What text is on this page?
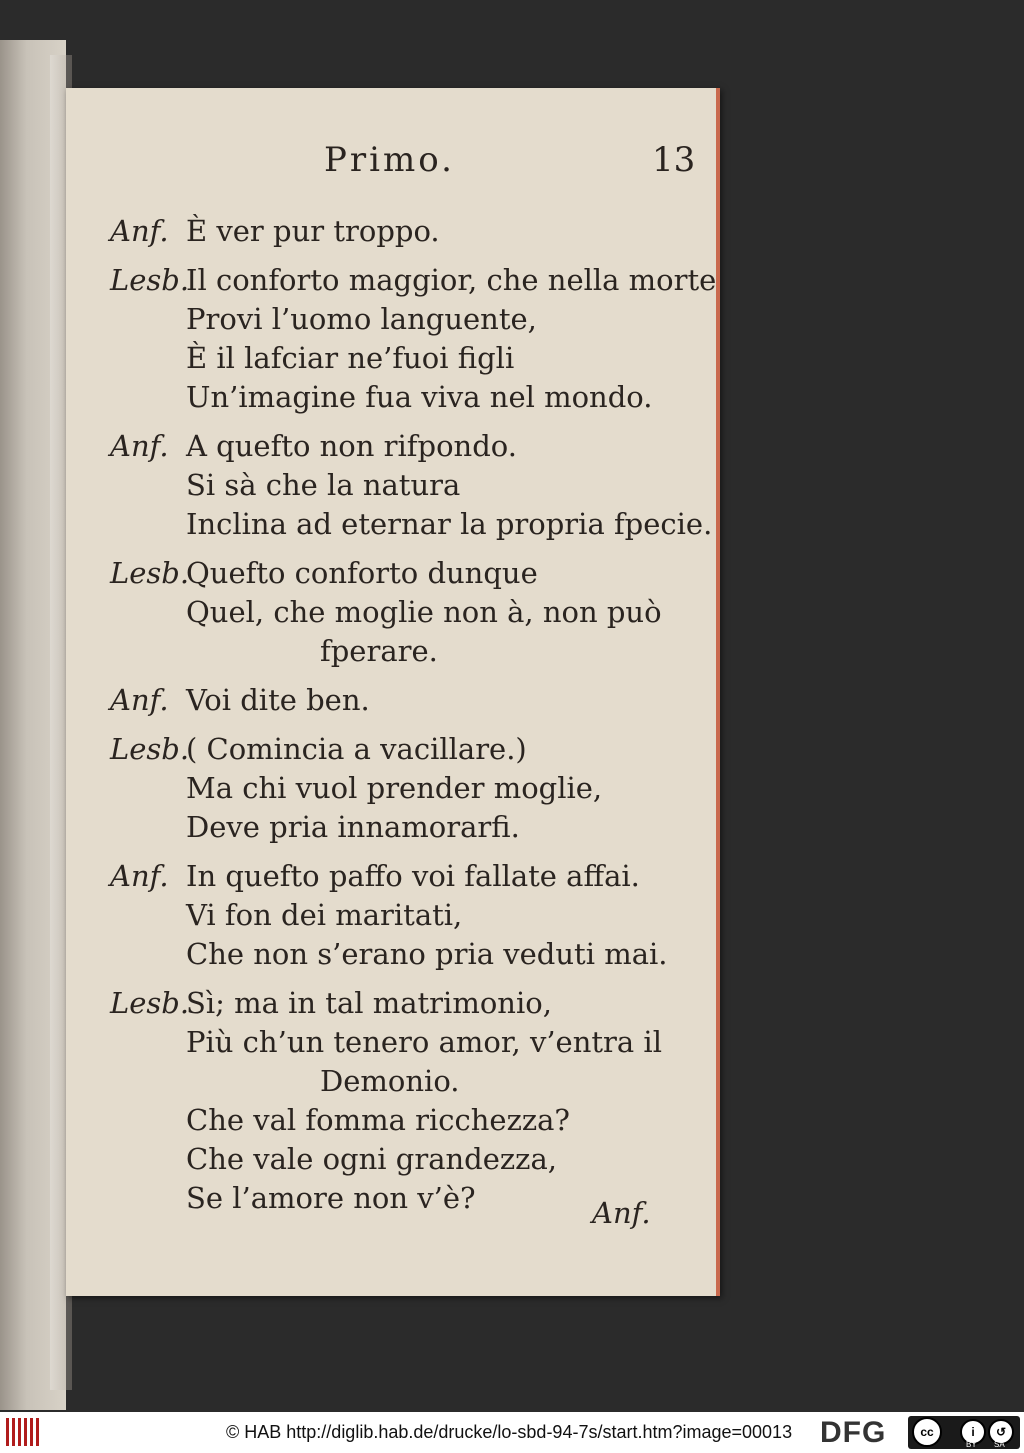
Primo.	13
Anf. È ver pur troppo.
Lesb.
Il conforto maggior, che nella morte
Provi l’uomo languente,
È il lafciar ne’fuoi figli
Un’imagine fua viva nel mondo.
Anf. A quefto non rifpondo.
Si sà che la natura
Inclina ad eternar la propria fpecie.
Lesb.
Quefto conforto dunque
Quel, che moglie non à, non può
fperare.
Anf. Voi dite ben.
Lesb.
( Comincia a vacillare.)
Ma chi vuol prender moglie,
Deve pria innamorarfi.
Anf. In quefto paffo voi fallate affai.
Vi fon dei maritati,
Che non s’erano pria veduti mai.
Lesb.
Sì; ma in tal matrimonio,
Più ch’un tenero amor, v’entra il
Demonio.
Che val fomma ricchezza?
Che vale ogni grandezza,
Se l’amore non v’è?	Anf.
© HAB http://diglib.hab.de/drucke/lo-sbd-94-7s/start.htm?image=00013 DFG	cc	i	↺
BY SA
